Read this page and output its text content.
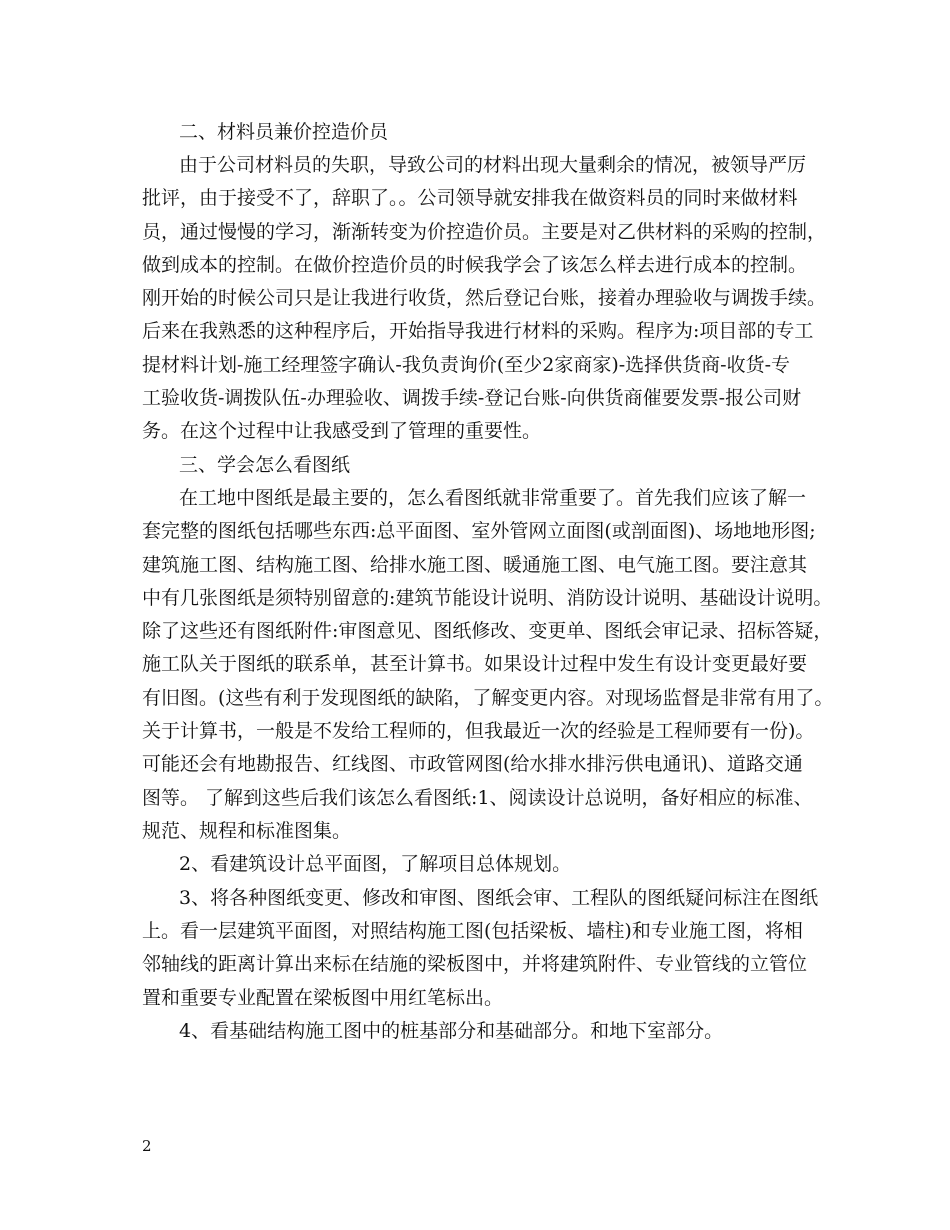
二、材料员兼价控造价员
由于公司材料员的失职，导致公司的材料出现大量剩余的情况，被领导严厉
批评，由于接受不了，辞职了。。公司领导就安排我在做资料员的同时来做材料
员，通过慢慢的学习，渐渐转变为价控造价员。主要是对乙供材料的采购的控制，
做到成本的控制。在做价控造价员的时候我学会了该怎么样去进行成本的控制。
刚开始的时候公司只是让我进行收货，然后登记台账，接着办理验收与调拨手续。
后来在我熟悉的这种程序后，开始指导我进行材料的采购。程序为:项目部的专工
提材料计划-施工经理签字确认-我负责询价(至少2家商家)-选择供货商-收货-专
工验收货-调拨队伍-办理验收、调拨手续-登记台账-向供货商催要发票-报公司财
务。在这个过程中让我感受到了管理的重要性。
三、学会怎么看图纸
在工地中图纸是最主要的，怎么看图纸就非常重要了。首先我们应该了解一
套完整的图纸包括哪些东西:总平面图、室外管网立面图(或剖面图)、场地地形图;
建筑施工图、结构施工图、给排水施工图、暖通施工图、电气施工图。要注意其
中有几张图纸是须特别留意的:建筑节能设计说明、消防设计说明、基础设计说明。
除了这些还有图纸附件:审图意见、图纸修改、变更单、图纸会审记录、招标答疑，
施工队关于图纸的联系单，甚至计算书。如果设计过程中发生有设计变更最好要
有旧图。(这些有利于发现图纸的缺陷，了解变更内容。对现场监督是非常有用了。
关于计算书，一般是不发给工程师的，但我最近一次的经验是工程师要有一份)。
可能还会有地勘报告、红线图、市政管网图(给水排水排污供电通讯)、道路交通
图等。 了解到这些后我们该怎么看图纸:1、阅读设计总说明，备好相应的标准、
规范、规程和标准图集。
2、看建筑设计总平面图，了解项目总体规划。
3、将各种图纸变更、修改和审图、图纸会审、工程队的图纸疑问标注在图纸
上。看一层建筑平面图，对照结构施工图(包括梁板、墙柱)和专业施工图，将相
邻轴线的距离计算出来标在结施的梁板图中，并将建筑附件、专业管线的立管位
置和重要专业配置在梁板图中用红笔标出。
4、看基础结构施工图中的桩基部分和基础部分。和地下室部分。
2
